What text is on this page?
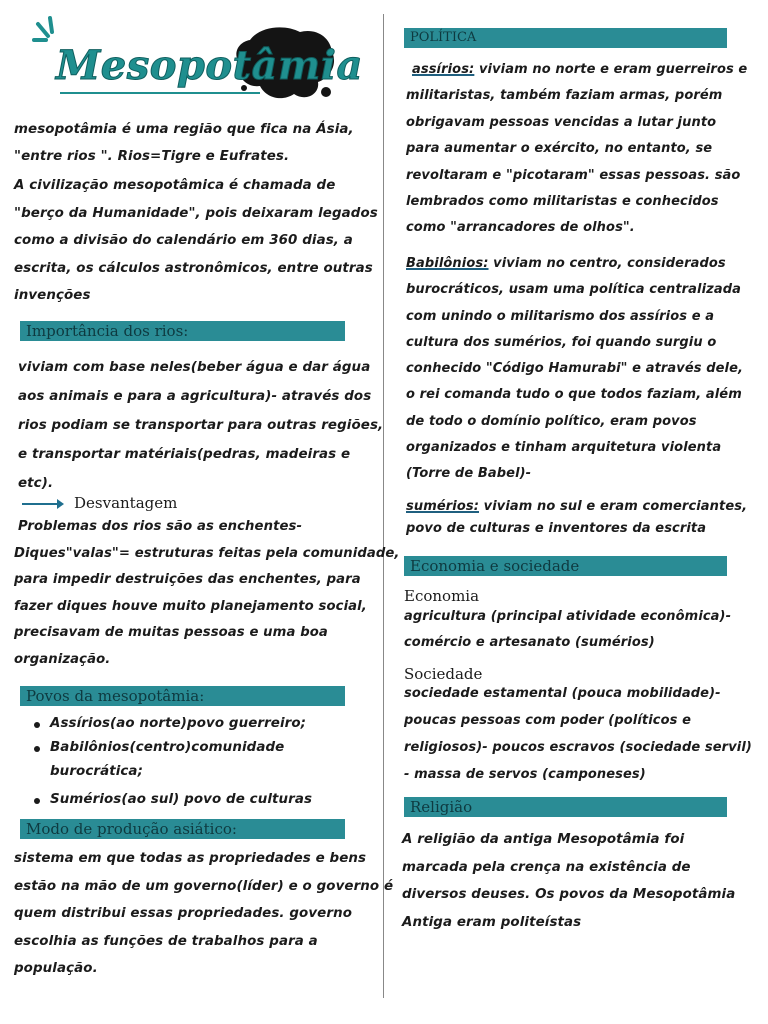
Mesopotâmia
mesopotâmia é uma região que fica na Ásia,
"entre rios ". Rios=Tigre e Eufrates.
A civilização mesopotâmica é chamada de
"berço da Humanidade", pois deixaram legados
como a divisão do calendário em 360 dias, a
escrita, os cálculos astronômicos, entre outras
invenções
Importância dos rios:
viviam com base neles(beber água e dar água
aos animais e para a agricultura)- através dos
rios podiam se transportar para outras regiões,
e transportar matériais(pedras, madeiras e
etc).
Desvantagem
Problemas dos rios são as enchentes-
Diques"valas"= estruturas feitas pela comunidade,
para impedir destruições das enchentes, para
fazer diques houve muito planejamento social,
precisavam de muitas pessoas e uma boa
organização.
Povos da mesopotâmia:
Assírios(ao norte)povo guerreiro;
Babilônios(centro)comunidade
burocrática;
Sumérios(ao sul) povo de culturas
Modo de produção asiático:
sistema em que todas as propriedades e bens
estão na mão de um governo(líder) e o governo é
quem distribui essas propriedades. governo
escolhia as funções de trabalhos para a
população.
POLÍTICA
assírios: viviam no norte e eram guerreiros e
militaristas, também faziam armas, porém
obrigavam pessoas vencidas a lutar junto
para aumentar o exército, no entanto, se
revoltaram e "picotaram" essas pessoas. são
lembrados como militaristas e conhecidos
como "arrancadores de olhos".
Babilônios: viviam no centro, considerados
burocráticos, usam uma política centralizada
com unindo o militarismo dos assírios e a
cultura dos sumérios, foi quando surgiu o
conhecido "Código Hamurabi" e através dele,
o rei comanda tudo o que todos faziam, além
de todo o domínio político, eram povos
organizados e tinham arquitetura violenta
(Torre de Babel)-
sumérios: viviam no sul e eram comerciantes,
povo de culturas e inventores da escrita
Economia e sociedade
Economia
agricultura (principal atividade econômica)-
comércio e artesanato (sumérios)
Sociedade
sociedade estamental (pouca mobilidade)-
poucas pessoas com poder (políticos e
religiosos)- poucos escravos (sociedade servil)
- massa de servos (camponeses)
Religião
A religião da antiga Mesopotâmia foi
marcada pela crença na existência de
diversos deuses. Os povos da Mesopotâmia
Antiga eram politeístas
